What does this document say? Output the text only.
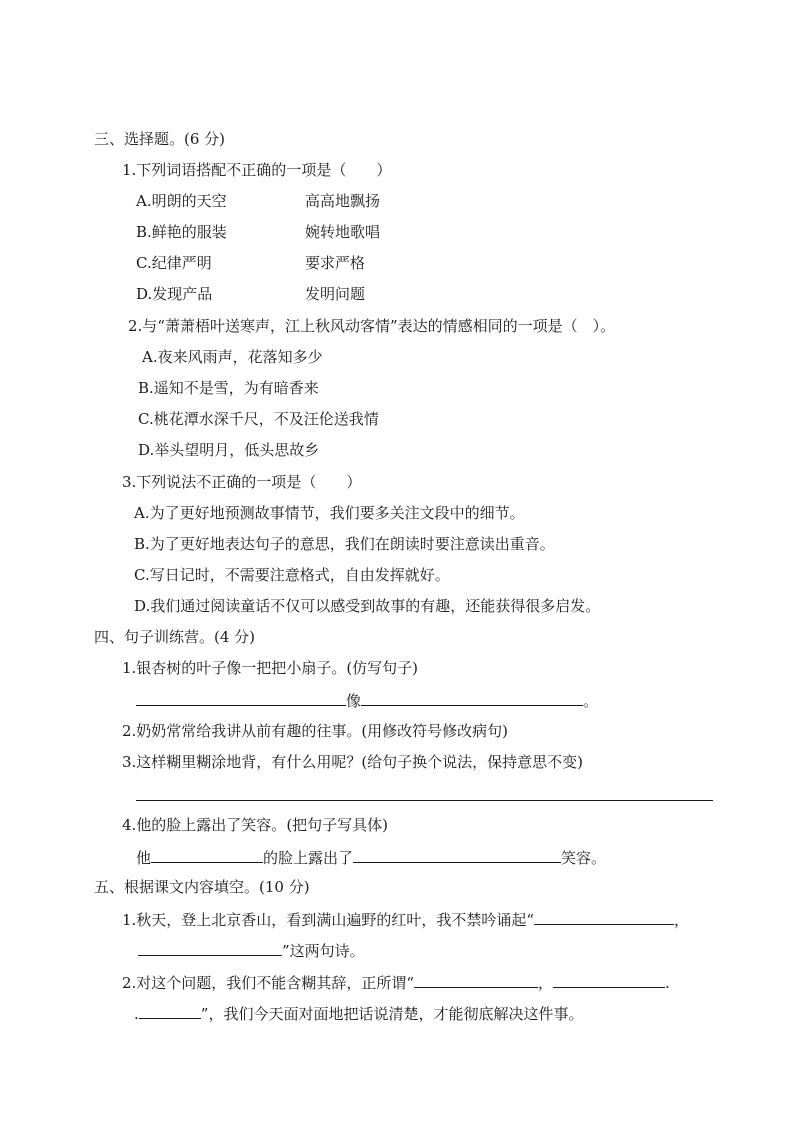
三、选择题。(6 分)
1.下列词语搭配不正确的一项是（　　）
A.明朗的天空	高高地飘扬
B.鲜艳的服装	婉转地歌唱
C.纪律严明	要求严格
D.发现产品	发明问题
2.与“萧萧梧叶送寒声，江上秋风动客情”表达的情感相同的一项是（　）。
A.夜来风雨声，花落知多少
B.遥知不是雪，为有暗香来
C.桃花潭水深千尺，不及汪伦送我情
D.举头望明月，低头思故乡
3.下列说法不正确的一项是（　　）
A.为了更好地预测故事情节，我们要多关注文段中的细节。
B.为了更好地表达句子的意思，我们在朗读时要注意读出重音。
C.写日记时，不需要注意格式，自由发挥就好。
D.我们通过阅读童话不仅可以感受到故事的有趣，还能获得很多启发。
四、句子训练营。(4 分)
1.银杏树的叶子像一把把小扇子。(仿写句子)
像	。
2.奶奶常常给我讲从前有趣的往事。(用修改符号修改病句)
3.这样糊里糊涂地背，有什么用呢？(给句子换个说法，保持意思不变)
4.他的脸上露出了笑容。(把句子写具体)
他	的脸上露出了	笑容。
五、根据课文内容填空。(10 分)
1.秋天，登上北京香山，看到满山遍野的红叶，我不禁吟诵起“	，
”这两句诗。
2.对这个问题，我们不能含糊其辞，正所谓“	，	.
.	”，我们今天面对面地把话说清楚，才能彻底解决这件事。
